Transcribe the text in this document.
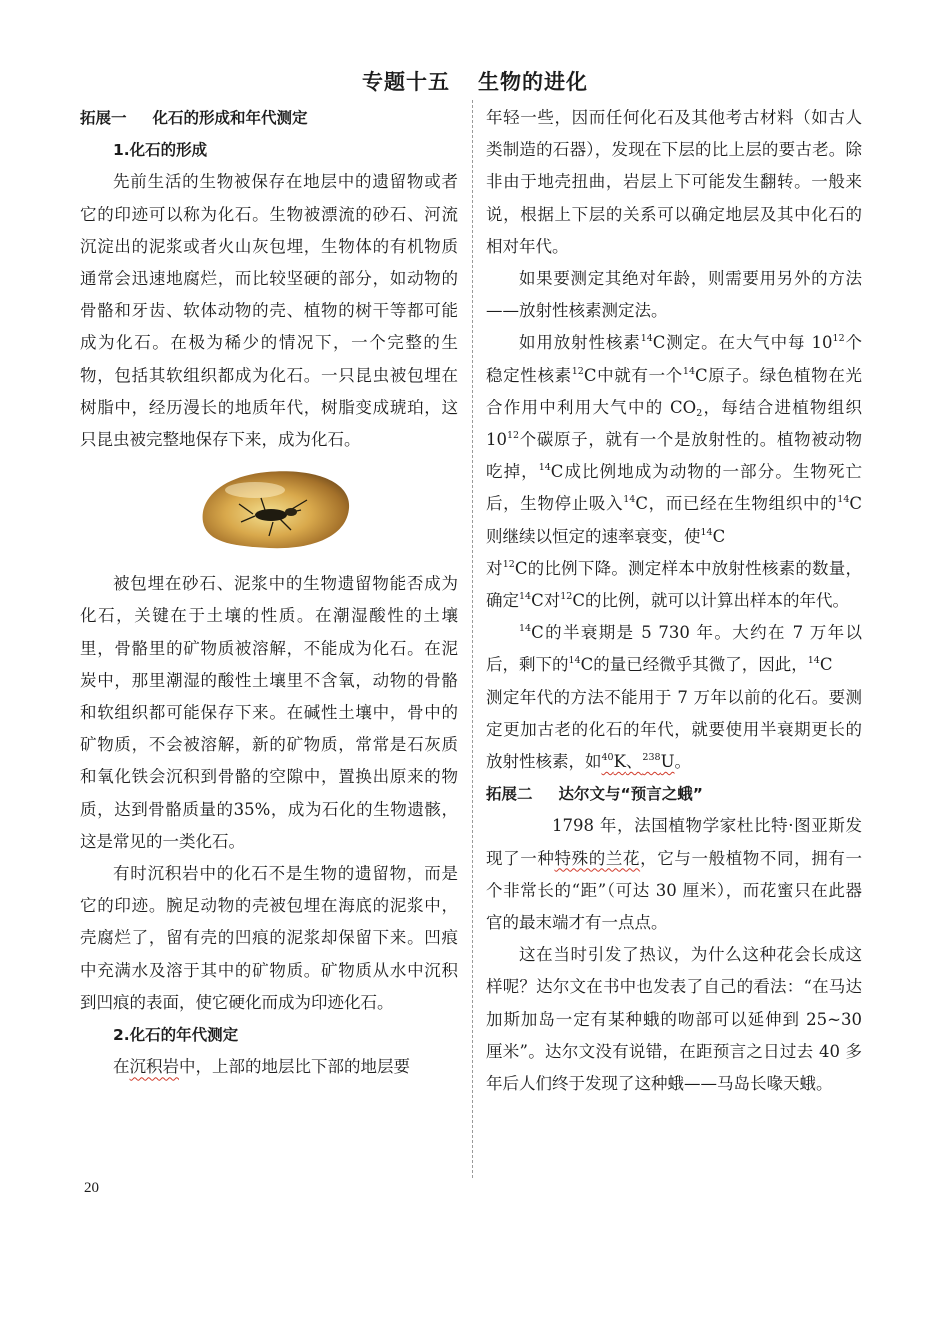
专题十五 生物的进化

拓展一 化石的形成和年代测定

1.化石的形成

先前生活的生物被保存在地层中的遗留物或者它的印迹可以称为化石。生物被漂流的砂石、河流沉淀出的泥浆或者火山灰包埋，生物体的有机物质通常会迅速地腐烂，而比较坚硬的部分，如动物的骨骼和牙齿、软体动物的壳、植物的树干等都可能成为化石。在极为稀少的情况下，一个完整的生物，包括其软组织都成为化石。一只昆虫被包埋在树脂中，经历漫长的地质年代，树脂变成琥珀，这只昆虫被完整地保存下来，成为化石。

被包埋在砂石、泥浆中的生物遗留物能否成为化石，关键在于土壤的性质。在潮湿酸性的土壤里，骨骼里的矿物质被溶解，不能成为化石。在泥炭中，那里潮湿的酸性土壤里不含氧，动物的骨骼和软组织都可能保存下来。在碱性土壤中，骨中的矿物质，不会被溶解，新的矿物质，常常是石灰质和氧化铁会沉积到骨骼的空隙中，置换出原来的物质，达到骨骼质量的35%，成为石化的生物遗骸，这是常见的一类化石。

有时沉积岩中的化石不是生物的遗留物，而是它的印迹。腕足动物的壳被包埋在海底的泥浆中，壳腐烂了，留有壳的凹痕的泥浆却保留下来。凹痕中充满水及溶于其中的矿物质。矿物质从水中沉积到凹痕的表面，使它硬化而成为印迹化石。

2.化石的年代测定

在沉积岩中，上部的地层比下部的地层要

年轻一些，因而任何化石及其他考古材料（如古人类制造的石器），发现在下层的比上层的要古老。除非由于地壳扭曲，岩层上下可能发生翻转。一般来说，根据上下层的关系可以确定地层及其中化石的相对年代。

如果要测定其绝对年龄，则需要用另外的方法——放射性核素测定法。

如用放射性核素$^{14}$C测定。在大气中每 $10^{12}$个稳定性核素$^{12}$C中就有一个$^{14}$C原子。绿色植物在光合作用中利用大气中的 $CO_2$，每结合进植物组织 $10^{12}$个碳原子，就有一个是放射性的。植物被动物吃掉，$^{14}$C成比例地成为动物的一部分。生物死亡后，生物停止吸入$^{14}$C，而已经在生物组织中的$^{14}$C则继续以恒定的速率衰变，使$^{14}$C
对$^{12}$C的比例下降。测定样本中放射性核素的数量，确定$^{14}$C对$^{12}$C的比例，就可以计算出样本的年代。

$^{14}$C的半衰期是 5 730 年。大约在 7 万年以后，剩下的$^{14}$C的量已经微乎其微了，因此，$^{14}$C
测定年代的方法不能用于 7 万年以前的化石。要测定更加古老的化石的年代，就要使用半衰期更长的放射性核素，如$^{40}$K、$^{238}$U。

拓展二 达尔文与“预言之蛾”

1798 年，法国植物学家杜比特·图亚斯发现了一种特殊的兰花，它与一般植物不同，拥有一个非常长的“距”（可达 30 厘米），而花蜜只在此器官的最末端才有一点点。

这在当时引发了热议，为什么这种花会长成这样呢？达尔文在书中也发表了自己的看法：“在马达加斯加岛一定有某种蛾的吻部可以延伸到 25~30 厘米”。达尔文没有说错，在距预言之日过去 40 多年后人们终于发现了这种蛾——马岛长喙天蛾。

20
